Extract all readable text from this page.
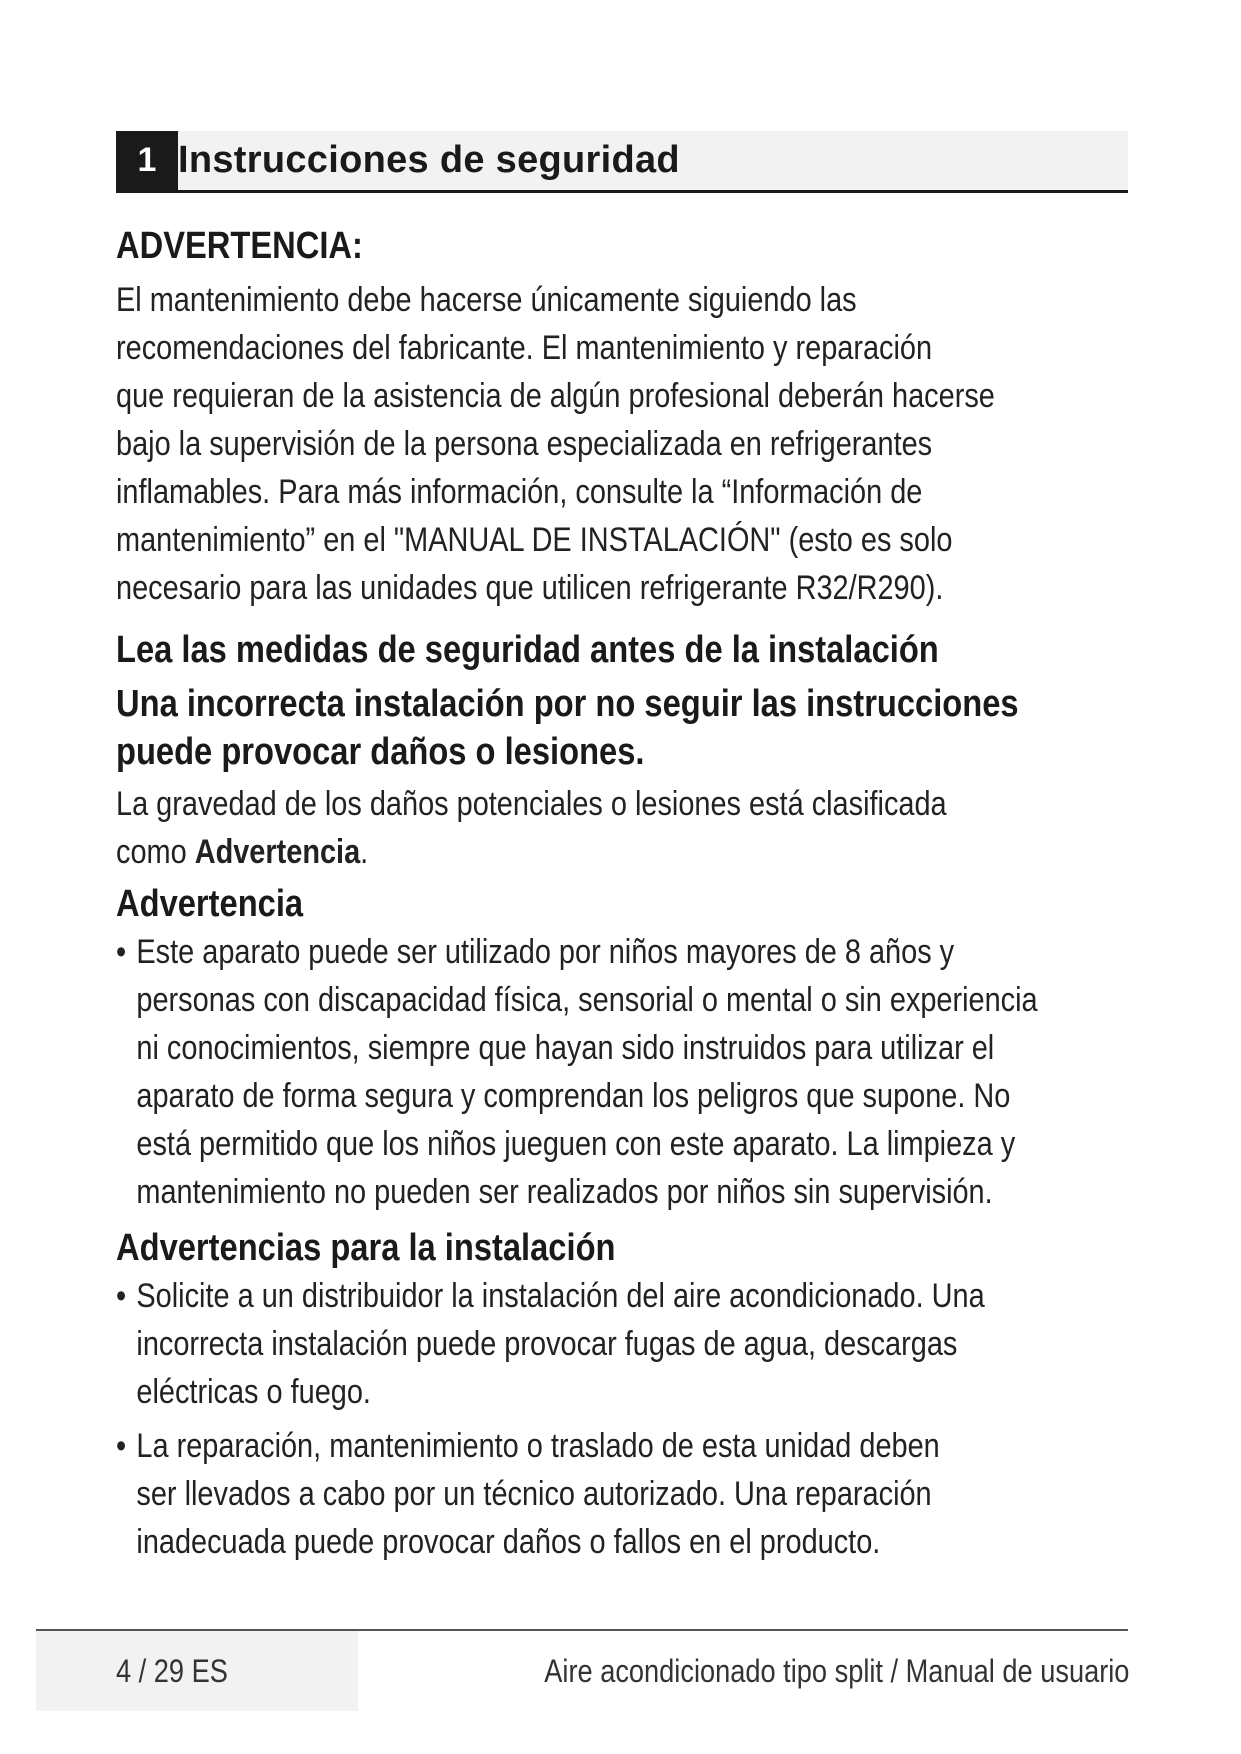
1 Instrucciones de seguridad
ADVERTENCIA:

El mantenimiento debe hacerse únicamente siguiendo las

recomendaciones del fabricante. El mantenimiento y reparación

que requieran de la asistencia de algún profesional deberán hacerse

bajo la supervisión de la persona especializada en refrigerantes

inflamables. Para más información, consulte la “Información de

mantenimiento” en el "MANUAL DE INSTALACIÓN" (esto es solo

necesario para las unidades que utilicen refrigerante R32/R290).

Lea las medidas de seguridad antes de la instalación

Una incorrecta instalación por no seguir las instrucciones

puede provocar daños o lesiones.

La gravedad de los daños potenciales o lesiones está clasificada

como Advertencia.

Advertencia
• Este aparato puede ser utilizado por niños mayores de 8 años y
personas con discapacidad física, sensorial o mental o sin experiencia
ni conocimientos, siempre que hayan sido instruidos para utilizar el
aparato de forma segura y comprendan los peligros que supone. No
está permitido que los niños jueguen con este aparato. La limpieza y
mantenimiento no pueden ser realizados por niños sin supervisión.
Advertencias para la instalación
• Solicite a un distribuidor la instalación del aire acondicionado. Una
incorrecta instalación puede provocar fugas de agua, descargas
eléctricas o fuego.
• La reparación, mantenimiento o traslado de esta unidad deben
ser llevados a cabo por un técnico autorizado. Una reparación
inadecuada puede provocar daños o fallos en el producto.
4 / 29 ES	Aire acondicionado tipo split / Manual de usuario
